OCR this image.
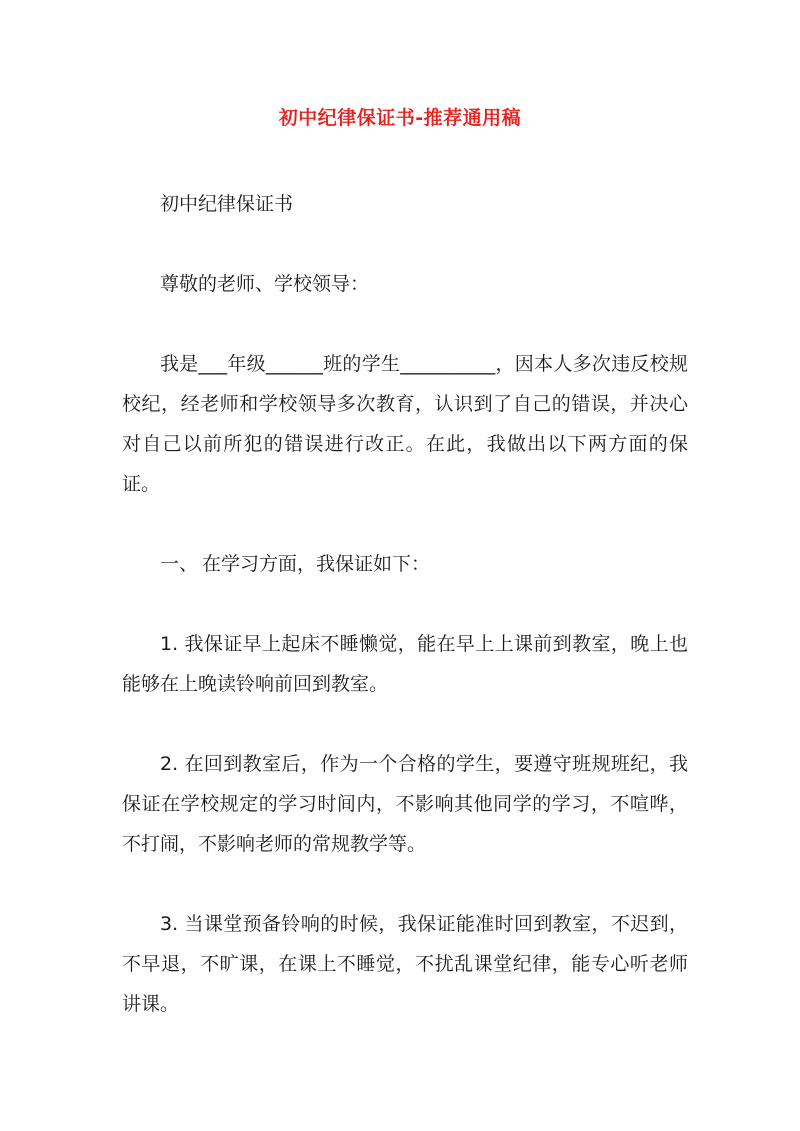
初中纪律保证书-推荐通用稿

初中纪律保证书

尊敬的老师、学校领导：

我是___年级______班的学生__________，因本人多次违反校规校纪，经老师和学校领导多次教育，认识到了自己的错误，并决心对自己以前所犯的错误进行改正。在此，我做出以下两方面的保证。

一、 在学习方面，我保证如下：

1. 我保证早上起床不睡懒觉，能在早上上课前到教室，晚上也能够在上晚读铃响前回到教室。

2. 在回到教室后，作为一个合格的学生，要遵守班规班纪，我保证在学校规定的学习时间内，不影响其他同学的学习，不喧哗，不打闹，不影响老师的常规教学等。

3. 当课堂预备铃响的时候，我保证能准时回到教室，不迟到，不早退，不旷课，在课上不睡觉，不扰乱课堂纪律，能专心听老师讲课。
